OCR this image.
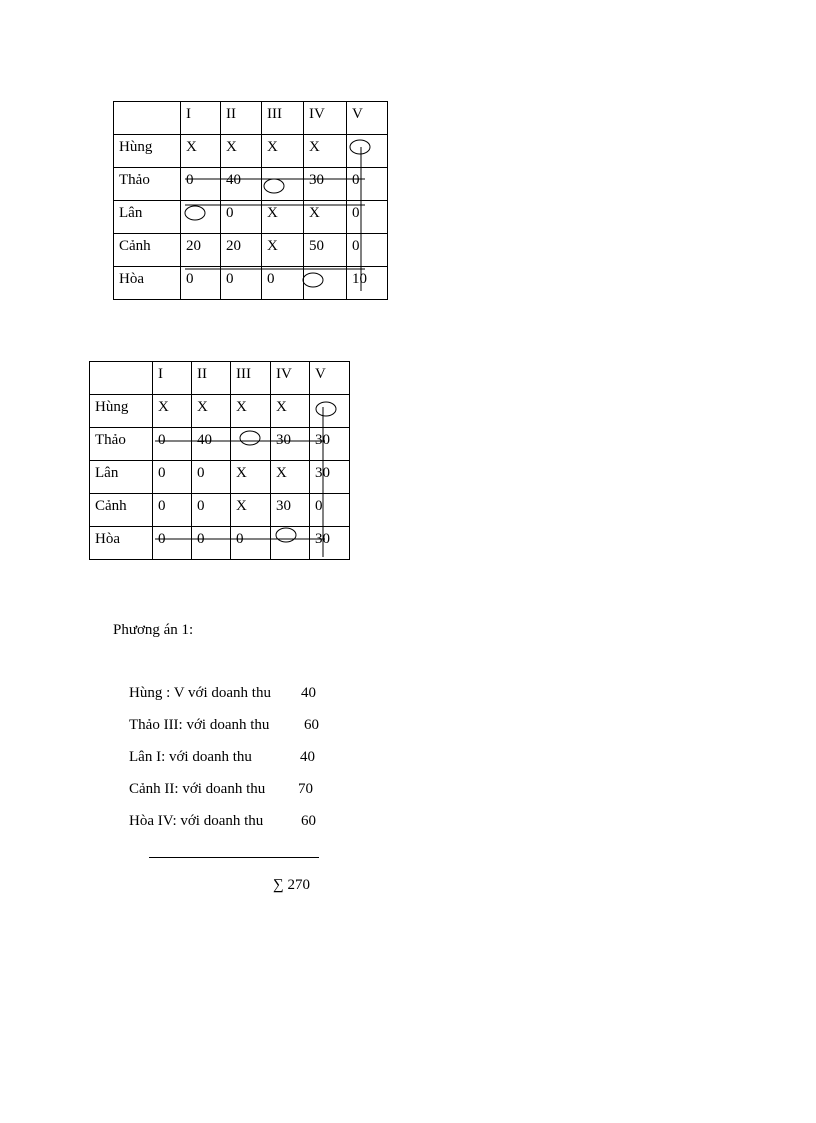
	I	II	III	IV	V
Hùng	X	X	X	X	
Thảo	0	40		30	0
Lân		0	X	X	0
Cảnh	20	20	X	50	0
Hòa	0	0	0		10
	I	II	III	IV	V
Hùng	X	X	X	X	
Thảo	0	40		30	30
Lân	0	0	X	X	30
Cảnh	0	0	X	30	0
Hòa	0	0	0		30
Phương án 1:
Hùng : V với doanh thu 40
Thảo III: với doanh thu 60
Lân I: với doanh thu	40
Cảnh II: với doanh thu 70
Hòa IV: với doanh thu	60
∑ 270
